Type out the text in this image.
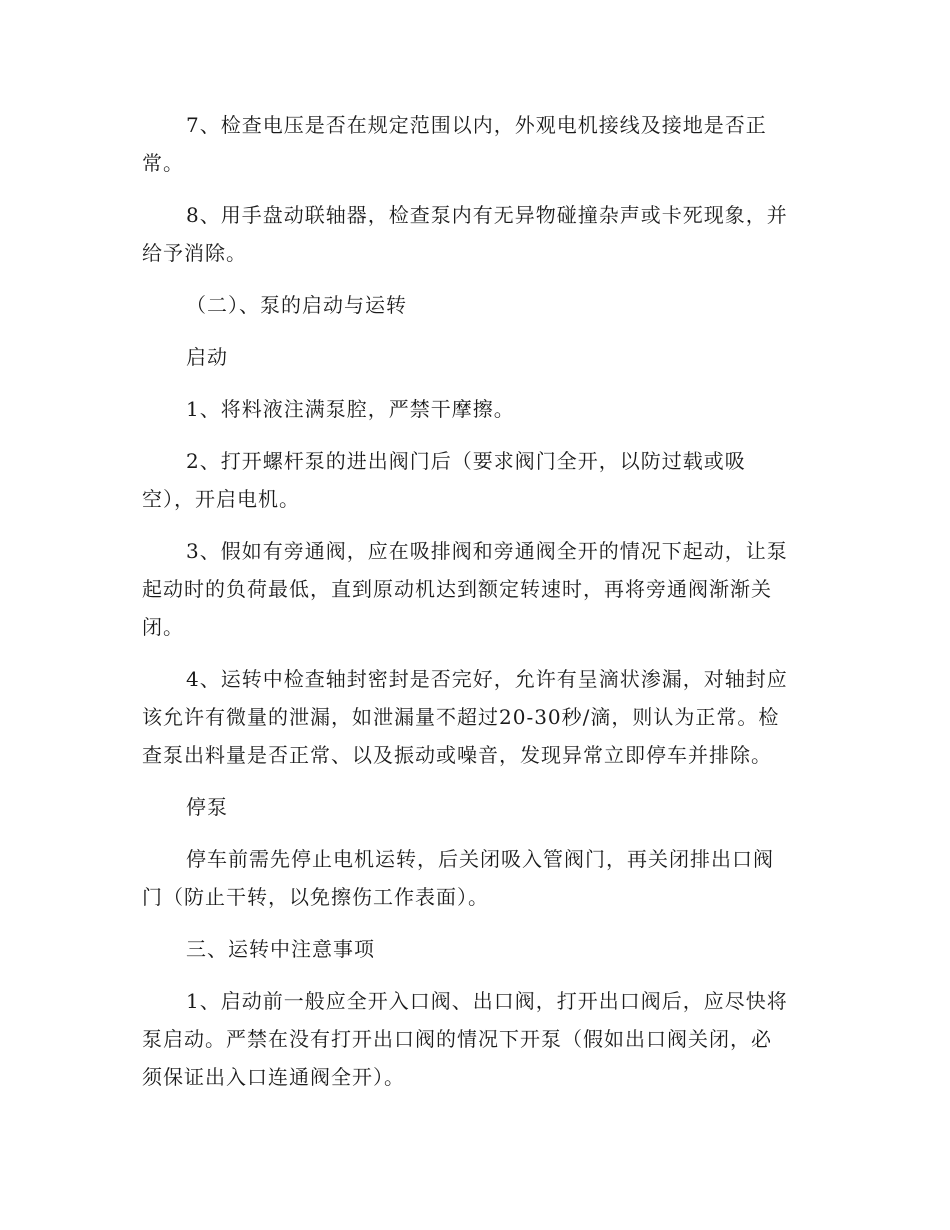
7、检查电压是否在规定范围以内，外观电机接线及接地是否正
常。

8、用手盘动联轴器，检查泵内有无异物碰撞杂声或卡死现象，并
给予消除。

（二）、泵的启动与运转

启动

1、将料液注满泵腔，严禁干摩擦。

2、打开螺杆泵的进出阀门后（要求阀门全开，以防过载或吸
空），开启电机。

3、假如有旁通阀，应在吸排阀和旁通阀全开的情况下起动，让泵
起动时的负荷最低，直到原动机达到额定转速时，再将旁通阀渐渐关
闭。

4、运转中检查轴封密封是否完好，允许有呈滴状渗漏，对轴封应
该允许有微量的泄漏，如泄漏量不超过20-30秒/滴，则认为正常。检
查泵出料量是否正常、以及振动或噪音，发现异常立即停车并排除。

停泵

停车前需先停止电机运转，后关闭吸入管阀门，再关闭排出口阀
门（防止干转，以免擦伤工作表面）。

三、运转中注意事项

1、启动前一般应全开入口阀、出口阀，打开出口阀后，应尽快将
泵启动。严禁在没有打开出口阀的情况下开泵（假如出口阀关闭，必
须保证出入口连通阀全开）。
